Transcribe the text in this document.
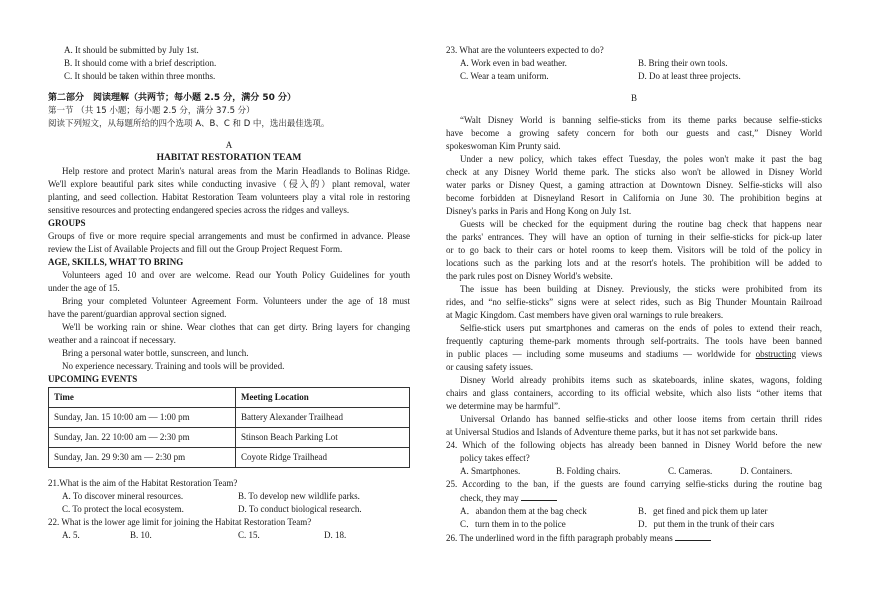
A. It should be submitted by July 1st.
B. It should come with a brief description.
C. It should be taken within three months.
第二部分　阅读理解（共两节；每小题 2.5 分，满分 50 分）
第一节 （共 15 小题；每小题 2.5 分，满分 37.5 分）
阅读下列短文，从每题所给的四个选项 A、B、C 和 D 中，选出最佳选项。
A
HABITAT RESTORATION TEAM
Help restore and protect Marin's natural areas from the Marin Headlands to Bolinas Ridge.
We'll explore beautiful park sites while conducting invasive（侵入的）plant removal, water
planting, and seed collection. Habitat Restoration Team volunteers play a vital role in restoring
sensitive resources and protecting endangered species across the ridges and valleys.
GROUPS
Groups of five or more require special arrangements and must be confirmed in advance. Please
review the List of Available Projects and fill out the Group Project Request Form.
AGE, SKILLS, WHAT TO BRING
Volunteers aged 10 and over are welcome. Read our Youth Policy Guidelines for youth
under the age of 15.
Bring your completed Volunteer Agreement Form. Volunteers under the age of 18 must
have the parent/guardian approval section signed.
We'll be working rain or shine. Wear clothes that can get dirty. Bring layers for changing
weather and a raincoat if necessary.
Bring a personal water bottle, sunscreen, and lunch.
No experience necessary. Training and tools will be provided.
UPCOMING EVENTS
Time	Meeting Location
Sunday, Jan. 15 10:00 am — 1:00 pm	Battery Alexander Trailhead
Sunday, Jan. 22 10:00 am — 2:30 pm	Stinson Beach Parking Lot
Sunday, Jan. 29 9:30 am — 2:30 pm	Coyote Ridge Trailhead
21.What is the aim of the Habitat Restoration Team?
A. To discover mineral resources.	B. To develop new wildlife parks.
C. To protect the local ecosystem.	D. To conduct biological research.
22. What is the lower age limit for joining the Habitat Restoration Team?
A. 5.	B. 10.	C. 15.	D. 18.
23. What are the volunteers expected to do?
A. Work even in bad weather.	B. Bring their own tools.
C. Wear a team uniform.	D. Do at least three projects.
B
“Walt Disney World is banning selfie-sticks from its theme parks because selfie-sticks
have become a growing safety concern for both our guests and cast,” Disney World
spokeswoman Kim Prunty said.
Under a new policy, which takes effect Tuesday, the poles won't make it past the bag
check at any Disney World theme park. The sticks also won't be allowed in Disney World
water parks or Disney Quest, a gaming attraction at Downtown Disney. Selfie-sticks will also
become forbidden at Disneyland Resort in California on June 30. The prohibition begins at
Disney's parks in Paris and Hong Kong on July 1st.
Guests will be checked for the equipment during the routine bag check that happens near
the parks' entrances. They will have an option of turning in their selfie-sticks for pick-up later
or to go back to their cars or hotel rooms to keep them. Visitors will be told of the policy in
locations such as the parking lots and at the resort's hotels. The prohibition will be added to
the park rules post on Disney World's website.
The issue has been building at Disney. Previously, the sticks were prohibited from its
rides, and “no selfie-sticks” signs were at select rides, such as Big Thunder Mountain Railroad
at Magic Kingdom. Cast members have given oral warnings to rule breakers.
Selfie-stick users put smartphones and cameras on the ends of poles to extend their reach,
frequently capturing theme-park moments through self-portraits. The tools have been banned
in public places — including some museums and stadiums — worldwide for obstructing views
or causing safety issues.
Disney World already prohibits items such as skateboards, inline skates, wagons, folding
chairs and glass containers, according to its official website, which also lists “other items that
we determine may be harmful”.
Universal Orlando has banned selfie-sticks and other loose items from certain thrill rides
at Universal Studios and Islands of Adventure theme parks, but it has not set parkwide bans.
24. Which of the following objects has already been banned in Disney World before the new
policy takes effect?
A. Smartphones.	B. Folding chairs.	C. Cameras.	D. Containers.
25. According to the ban, if the guests are found carrying selfie-sticks during the routine bag
check, they may
A．abandon them at the bag check	B．get fined and pick them up later
C．turn them in to the police	D．put them in the trunk of their cars
26. The underlined word in the fifth paragraph probably means
